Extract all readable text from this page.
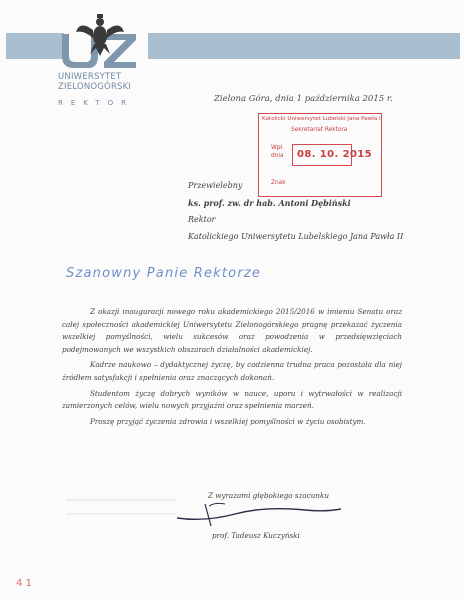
UNIWERSYTET
ZIELONOGÓRSKI
REKTOR	Zielona Góra, dnia 1 października 2015 r.
Katolicki Uniwersytet Lubelski Jana Pawła II
Sekretariat Rektora
Wpł.
dnia 08. 10. 2015
Znak
Przewielebny
ks. prof. zw. dr hab. Antoni Dębiński
Rektor
Katolickiego Uniwersytetu Lubelskiego Jana Pawła II
Szanowny Panie Rektorze

Z okazji inauguracji nowego roku akademickiego 2015/2016 w imieniu Senatu oraz całej społeczności akademickiej Uniwersytetu Zielonogórskiego pragnę przekazać życzenia wszelkiej pomyślności, wielu sukcesów oraz powodzenia w przedsięwzięciach podejmowanych we wszystkich obszarach działalności akademickiej.

Kadrze naukowo – dydaktycznej życzę, by codzienna trudna praca pozostała dla niej źródłem satysfakcji i spełnienia oraz znaczących dokonań.

Studentom życzę dobrych wyników w nauce, uporu i wytrwałości w realizacji zamierzonych celów, wielu nowych przyjaźni oraz spełnienia marzeń.

Proszę przyjąć życzenia zdrowia i wszelkiej pomyślności w życiu osobistym.

Z wyrazami głębokiego szacunku
prof. Tadeusz Kuczyński
4 1
